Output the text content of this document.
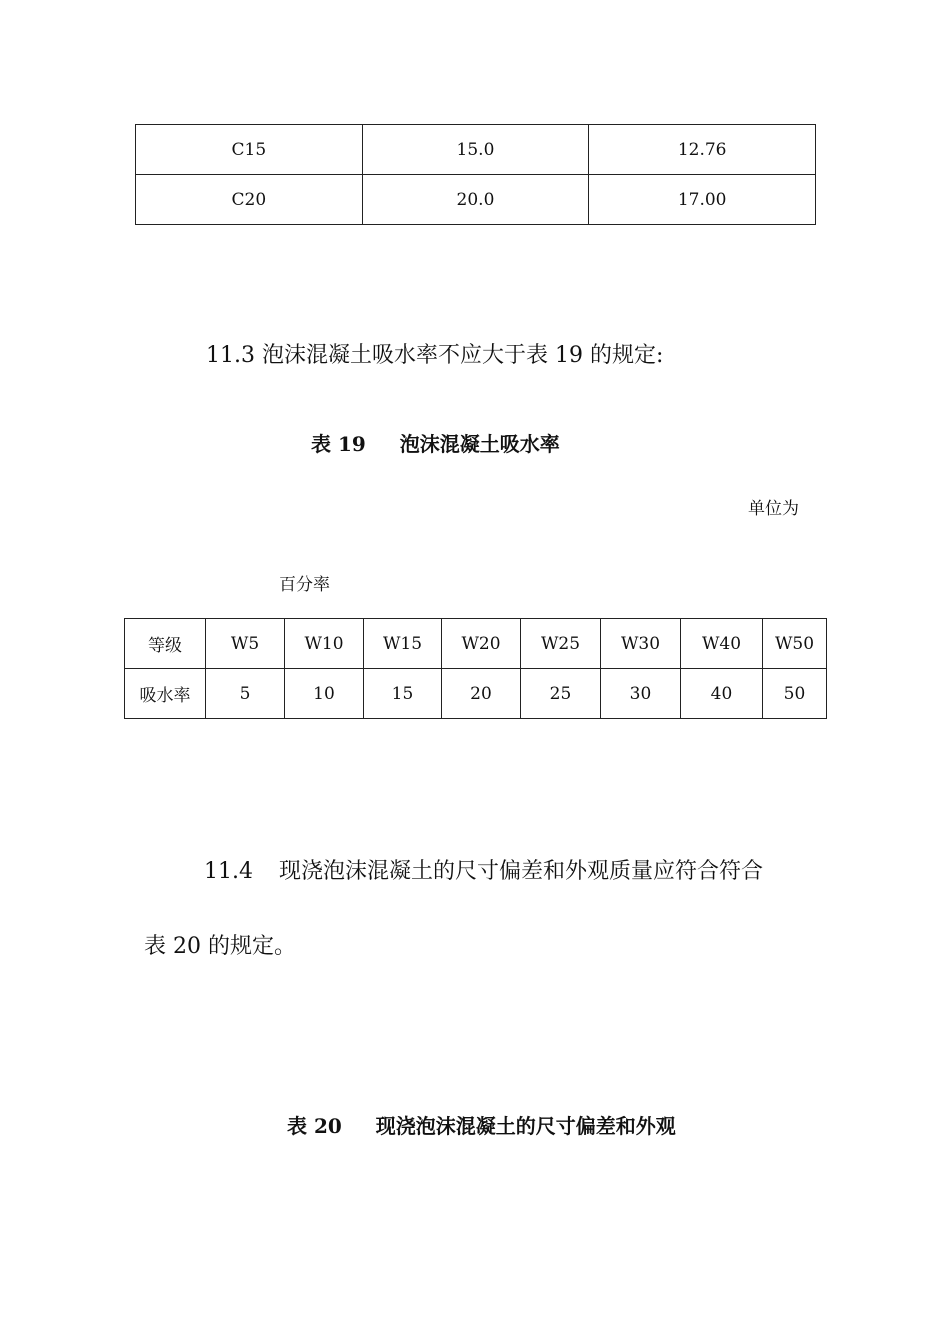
C15	15.0	12.76
C20	20.0	17.00
11.3 泡沫混凝土吸水率不应大于表 19 的规定:
表 19 泡沫混凝土吸水率
单位为
百分率
等级	W5	W10	W15	W20	W25	W30	W40	W50
吸水率	5	10	15	20	25	30	40	50
11.4 现浇泡沫混凝土的尺寸偏差和外观质量应符合符合
表 20 的规定。
表 20 现浇泡沫混凝土的尺寸偏差和外观
